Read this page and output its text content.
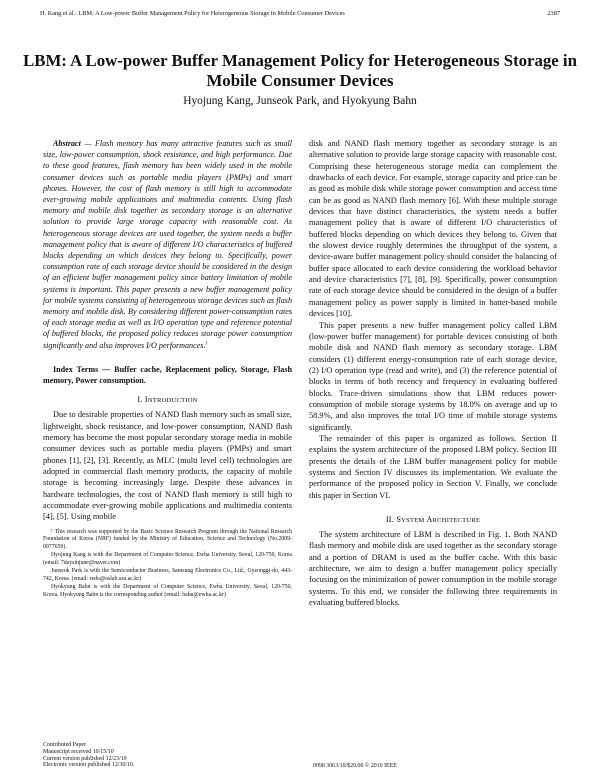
H. Kang et al.: LBM: A Low-power Buffer Management Policy for Heterogeneous Storage in Mobile Consumer Devices	2387
LBM: A Low-power Buffer Management Policy for Heterogeneous Storage in Mobile Consumer Devices
Hyojung Kang, Junseok Park, and Hyokyung Bahn

Abstract — Flash memory has many attractive features such as small size, low-power consumption, shock resistance, and high performance. Due to these good features, flash memory has been widely used in the mobile consumer devices such as portable media players (PMPs) and smart phones. However, the cost of flash memory is still high to accommodate ever-growing mobile applications and multimedia contents. Using flash memory and mobile disk together as secondary storage is an alternative solution to provide large storage capacity with reasonable cost. As heterogeneous storage devices are used together, the system needs a buffer management policy that is aware of different I/O characteristics of buffered blocks depending on which devices they belong to. Specifically, power consumption rate of each storage device should be considered in the design of an efficient buffer management policy since battery limitation of mobile systems is important. This paper presents a new buffer management policy for mobile systems consisting of heterogeneous storage devices such as flash memory and mobile disk. By considering different power-consumption rates of each storage media as well as I/O operation type and reference potential of buffered blocks, the proposed policy reduces storage power consumption significantly and also improves I/O performances.$^1$

Index Terms — Buffer cache, Replacement policy, Storage, Flash memory, Power consumption.

I. INTRODUCTION

Due to desirable properties of NAND flash memory such as small size, lightweight, shock resistance, and low-power consumption, NAND flash memory has become the most popular secondary storage media in mobile consumer devices such as portable media players (PMPs) and smart phones [1], [2], [3]. Recently, as MLC (multi level cell) technologies are adopted in commercial flash memory products, the capacity of mobile storage is becoming increasingly large. Despite these advances in hardware technologies, the cost of NAND flash memory is still high to accommodate ever-growing mobile applications and multimedia contents [4], [5]. Using mobile

¹ This research was supported by the Basic Science Research Program through the National Research Foundation of Korea (NRF) funded by the Ministry of Education, Science and Technology (No.2009-0077659).

Hyojung Kang is with the Department of Computer Science, Ewha University, Seoul, 120-750, Korea (email: 7daysinjune@naver.com)

Junseok Park is with the Semiconductor Business, Samsung Electronics Co., Ltd., Gyeonggi-do, 443-742, Korea. (email: redo@oslab.ssu.ac.kr)

Hyokyung Bahn is with the Department of Computer Science, Ewha University, Seoul, 120-750, Korea. Hyokyung Bahn is the corresponding author (email: bahn@ewha.ac.kr)

disk and NAND flash memory together as secondary storage is an alternative solution to provide large storage capacity with reasonable cost. Comprising these heterogeneous storage media can complement the drawbacks of each device. For example, storage capacity and price can be as good as mobile disk while storage power consumption and access time can be as good as NAND flash memory [6]. With these multiple storage devices that have distinct characteristics, the system needs a buffer management policy that is aware of different I/O characteristics of buffered blocks depending on which devices they belong to. Given that the slowest device roughly determines the throughput of the system, a device-aware buffer management policy should consider the balancing of buffer space allocated to each device considering the workload behavior and device characteristics [7], [8], [9]. Specifically, power consumption rate of each storage device should be considered in the design of a buffer management policy as power supply is limited in batter-based mobile devices [10].

This paper presents a new buffer management policy called LBM (low-power buffer management) for portable devices consisting of both mobile disk and NAND flash memory as secondary storage. LBM considers (1) different energy-consumption rate of each storage device, (2) I/O operation type (read and write), and (3) the reference potential of blocks in terms of both recency and frequency in evaluating buffered blocks. Trace-driven simulations show that LBM reduces power-consumption of mobile storage systems by 18.0% on average and up to 58.9%, and also improves the total I/O time of mobile storage systems significantly.

The remainder of this paper is organized as follows. Section II explains the system architecture of the proposed LBM policy. Section III presents the details of the LBM buffer management policy for mobile systems and Section IV discusses its implementation. We evaluate the performance of the proposed policy in Section V. Finally, we conclude this paper in Section VI.

II. SYSTEM ARCHITECTURE

The system architecture of LBM is described in Fig. 1. Both NAND flash memory and mobile disk are used together as the secondary storage and a portion of DRAM is used as the buffer cache. With this basic architecture, we aim to design a buffer management policy specially focusing on the minimization of power consumption in the mobile storage systems. To this end, we consider the following three requirements in evaluating buffered blocks.

Contributed Paper
Manuscript received 10/15/10
Current version published 12/23/10
Electronic version published 12/30/10.	0098 3063/10/$20.00 © 2010 IEEE
